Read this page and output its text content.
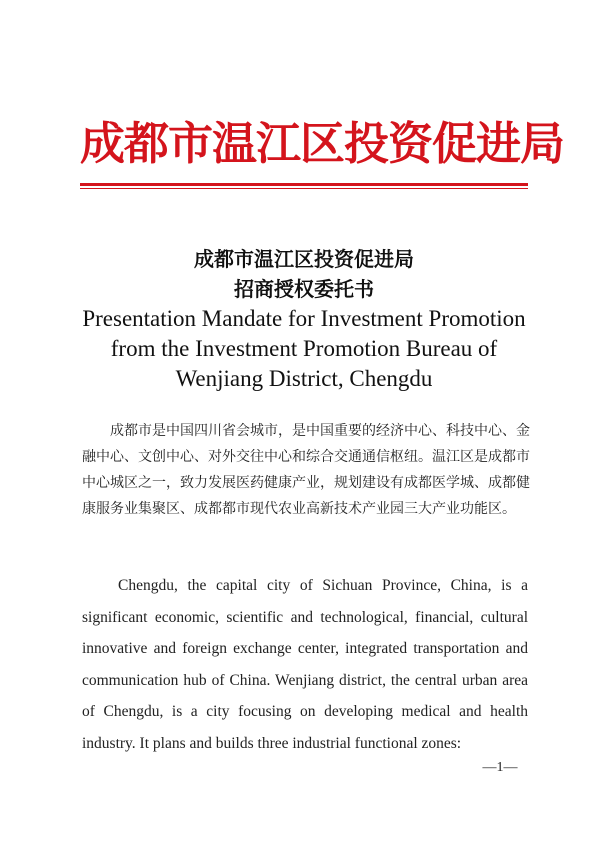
成都市温江区投资促进局
成都市温江区投资促进局
招商授权委托书
Presentation Mandate for Investment Promotion
from the Investment Promotion Bureau of
Wenjiang District, Chengdu
成都市是中国四川省会城市，是中国重要的经济中心、科技中心、金融中心、文创中心、对外交往中心和综合交通通信枢纽。温江区是成都市中心城区之一，致力发展医药健康产业，规划建设有成都医学城、成都健康服务业集聚区、成都都市现代农业高新技术产业园三大产业功能区。
Chengdu, the capital city of Sichuan Province, China, is a significant economic, scientific and technological, financial, cultural innovative and foreign exchange center, integrated transportation and communication hub of China. Wenjiang district, the central urban area of Chengdu, is a city focusing on developing medical and health industry. It plans and builds three industrial functional zones:
—1—
